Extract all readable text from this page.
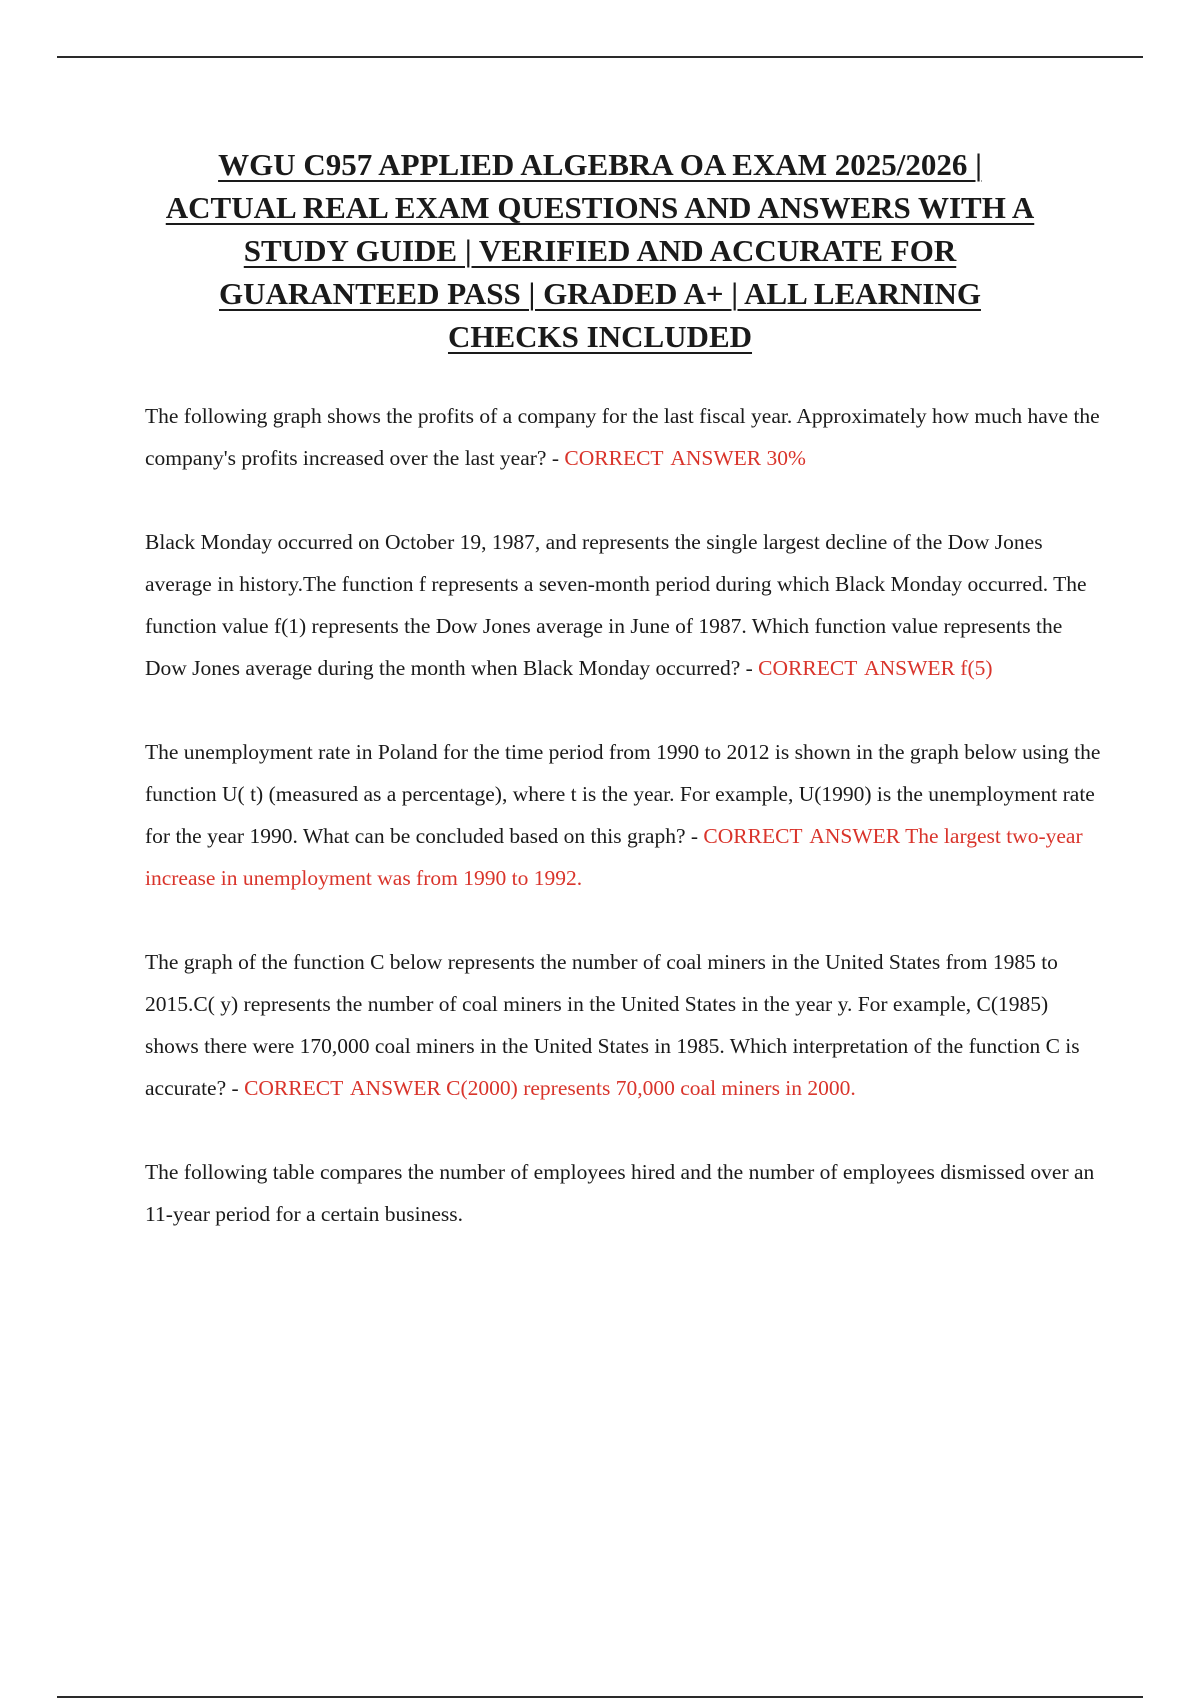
WGU C957 APPLIED ALGEBRA OA EXAM 2025/2026 |
ACTUAL REAL EXAM QUESTIONS AND ANSWERS WITH A
STUDY GUIDE | VERIFIED AND ACCURATE FOR
GUARANTEED PASS | GRADED A+ | ALL LEARNING
CHECKS INCLUDED

The following graph shows the profits of a company for the last fiscal year. Approximately how much have the company's profits increased over the last year? - CORRECT ANSWER 30%

Black Monday occurred on October 19, 1987, and represents the single largest decline of the Dow Jones average in history.The function f represents a seven-month period during which Black Monday occurred. The function value f(1) represents the Dow Jones average in June of 1987. Which function value represents the Dow Jones average during the month when Black Monday occurred? - CORRECT ANSWER f(5)

The unemployment rate in Poland for the time period from 1990 to 2012 is shown in the graph below using the function U( t) (measured as a percentage), where t is the year. For example, U(1990) is the unemployment rate for the year 1990. What can be concluded based on this graph? - CORRECT ANSWER The largest two-year increase in unemployment was from 1990 to 1992.

The graph of the function C below represents the number of coal miners in the United States from 1985 to 2015.C( y) represents the number of coal miners in the United States in the year y. For example, C(1985) shows there were 170,000 coal miners in the United States in 1985. Which interpretation of the function C is accurate? - CORRECT ANSWER C(2000) represents 70,000 coal miners in 2000.

The following table compares the number of employees hired and the number of employees dismissed over an 11-year period for a certain business.
